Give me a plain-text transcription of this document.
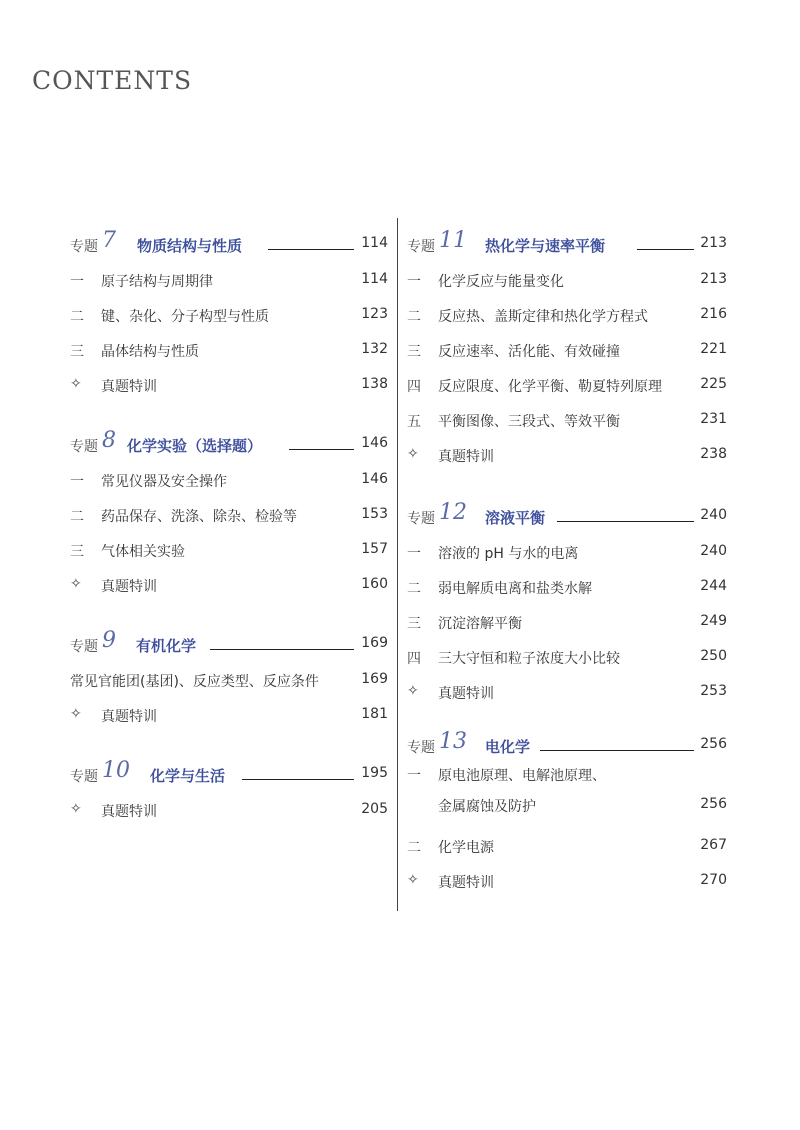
CONTENTS
专题 7 物质结构与性质	114
一 原子结构与周期律	114
二 键、杂化、分子构型与性质	123
三 晶体结构与性质	132
✧ 真题特训	138
专题 8 化学实验（选择题）	146
一 常见仪器及安全操作	146
二 药品保存、洗涤、除杂、检验等	153
三 气体相关实验	157
✧ 真题特训	160
专题 9 有机化学	169
常见官能团(基团)、反应类型、反应条件	169
✧ 真题特训	181
专题 10 化学与生活	195
✧ 真题特训	205
专题 11 热化学与速率平衡	213
一 化学反应与能量变化	213
二 反应热、盖斯定律和热化学方程式	216
三 反应速率、活化能、有效碰撞	221
四 反应限度、化学平衡、勒夏特列原理	225
五 平衡图像、三段式、等效平衡	231
✧ 真题特训	238
专题 12 溶液平衡	240
一 溶液的 pH 与水的电离	240
二 弱电解质电离和盐类水解	244
三 沉淀溶解平衡	249
四 三大守恒和粒子浓度大小比较	250
✧ 真题特训	253
专题 13 电化学	256
一 原电池原理、电解池原理、
金属腐蚀及防护	256
二 化学电源	267
✧ 真题特训	270
